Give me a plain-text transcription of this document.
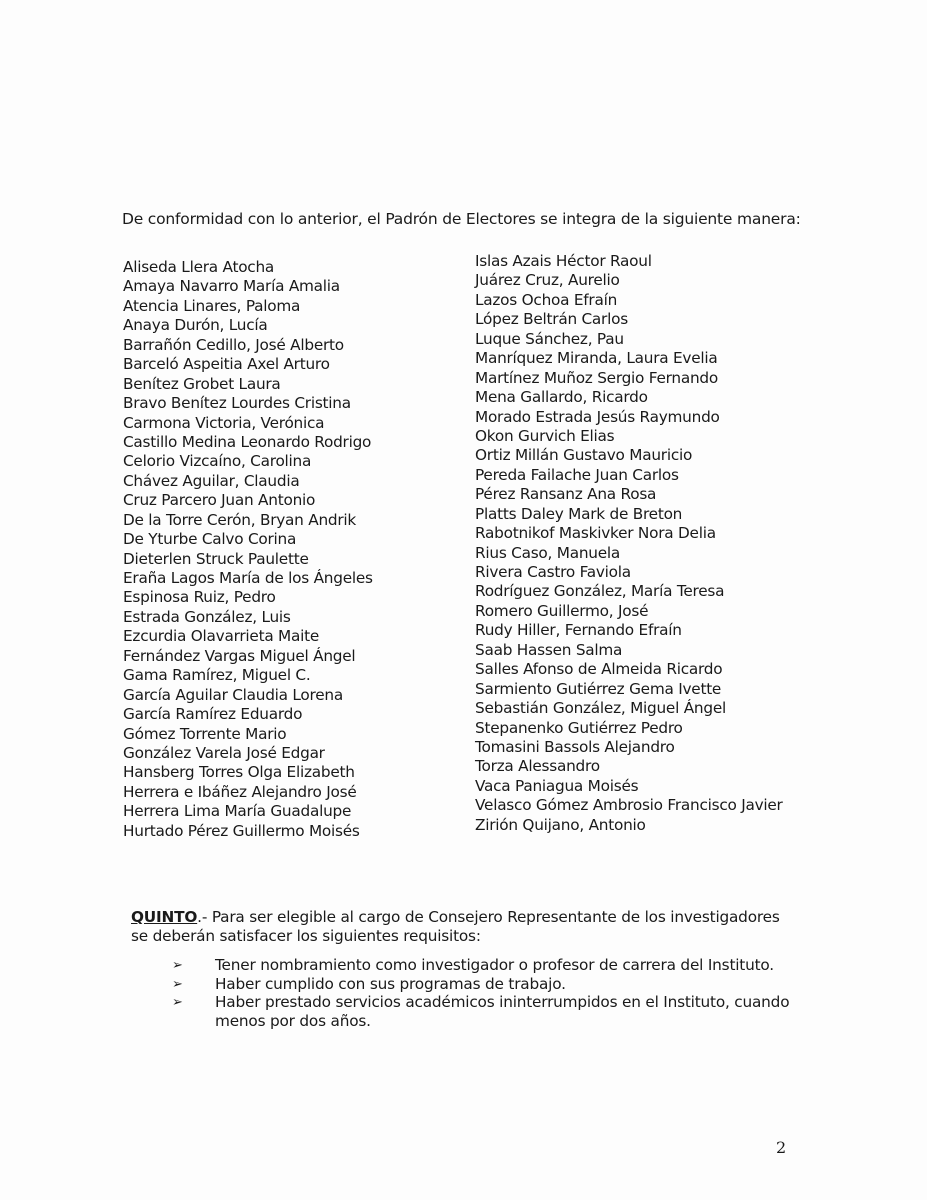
De conformidad con lo anterior, el Padrón de Electores se integra de la siguiente manera:

Aliseda Llera Atocha
Amaya Navarro María Amalia
Atencia Linares, Paloma
Anaya Durón, Lucía
Barrañón Cedillo, José Alberto
Barceló Aspeitia Axel Arturo
Benítez Grobet Laura
Bravo Benítez Lourdes Cristina
Carmona Victoria, Verónica
Castillo Medina Leonardo Rodrigo
Celorio Vizcaíno, Carolina
Chávez Aguilar, Claudia
Cruz Parcero Juan Antonio
De la Torre Cerón, Bryan Andrik
De Yturbe Calvo Corina
Dieterlen Struck Paulette
Eraña Lagos María de los Ángeles
Espinosa Ruiz, Pedro
Estrada González, Luis
Ezcurdia Olavarrieta Maite
Fernández Vargas Miguel Ángel
Gama Ramírez, Miguel C.
García Aguilar Claudia Lorena
García Ramírez Eduardo
Gómez Torrente Mario
González Varela José Edgar
Hansberg Torres Olga Elizabeth
Herrera e Ibáñez Alejandro José
Herrera Lima María Guadalupe
Hurtado Pérez Guillermo Moisés
Islas Azais Héctor Raoul
Juárez Cruz, Aurelio
Lazos Ochoa Efraín
López Beltrán Carlos
Luque Sánchez, Pau
Manríquez Miranda, Laura Evelia
Martínez Muñoz Sergio Fernando
Mena Gallardo, Ricardo
Morado Estrada Jesús Raymundo
Okon Gurvich Elias
Ortiz Millán Gustavo Mauricio
Pereda Failache Juan Carlos
Pérez Ransanz Ana Rosa
Platts Daley Mark de Breton
Rabotnikof Maskivker Nora Delia
Rius Caso, Manuela
Rivera Castro Faviola
Rodríguez González, María Teresa
Romero Guillermo, José
Rudy Hiller, Fernando Efraín
Saab Hassen Salma
Salles Afonso de Almeida Ricardo
Sarmiento Gutiérrez Gema Ivette
Sebastián González, Miguel Ángel
Stepanenko Gutiérrez Pedro
Tomasini Bassols Alejandro
Torza Alessandro
Vaca Paniagua Moisés
Velasco Gómez Ambrosio Francisco Javier
Zirión Quijano, Antonio

QUINTO.- Para ser elegible al cargo de Consejero Representante de los investigadores se deberán satisfacer los siguientes requisitos:

➢ Tener nombramiento como investigador o profesor de carrera del Instituto.
➢ Haber cumplido con sus programas de trabajo.
➢ Haber prestado servicios académicos ininterrumpidos en el Instituto, cuando menos por dos años.
2
